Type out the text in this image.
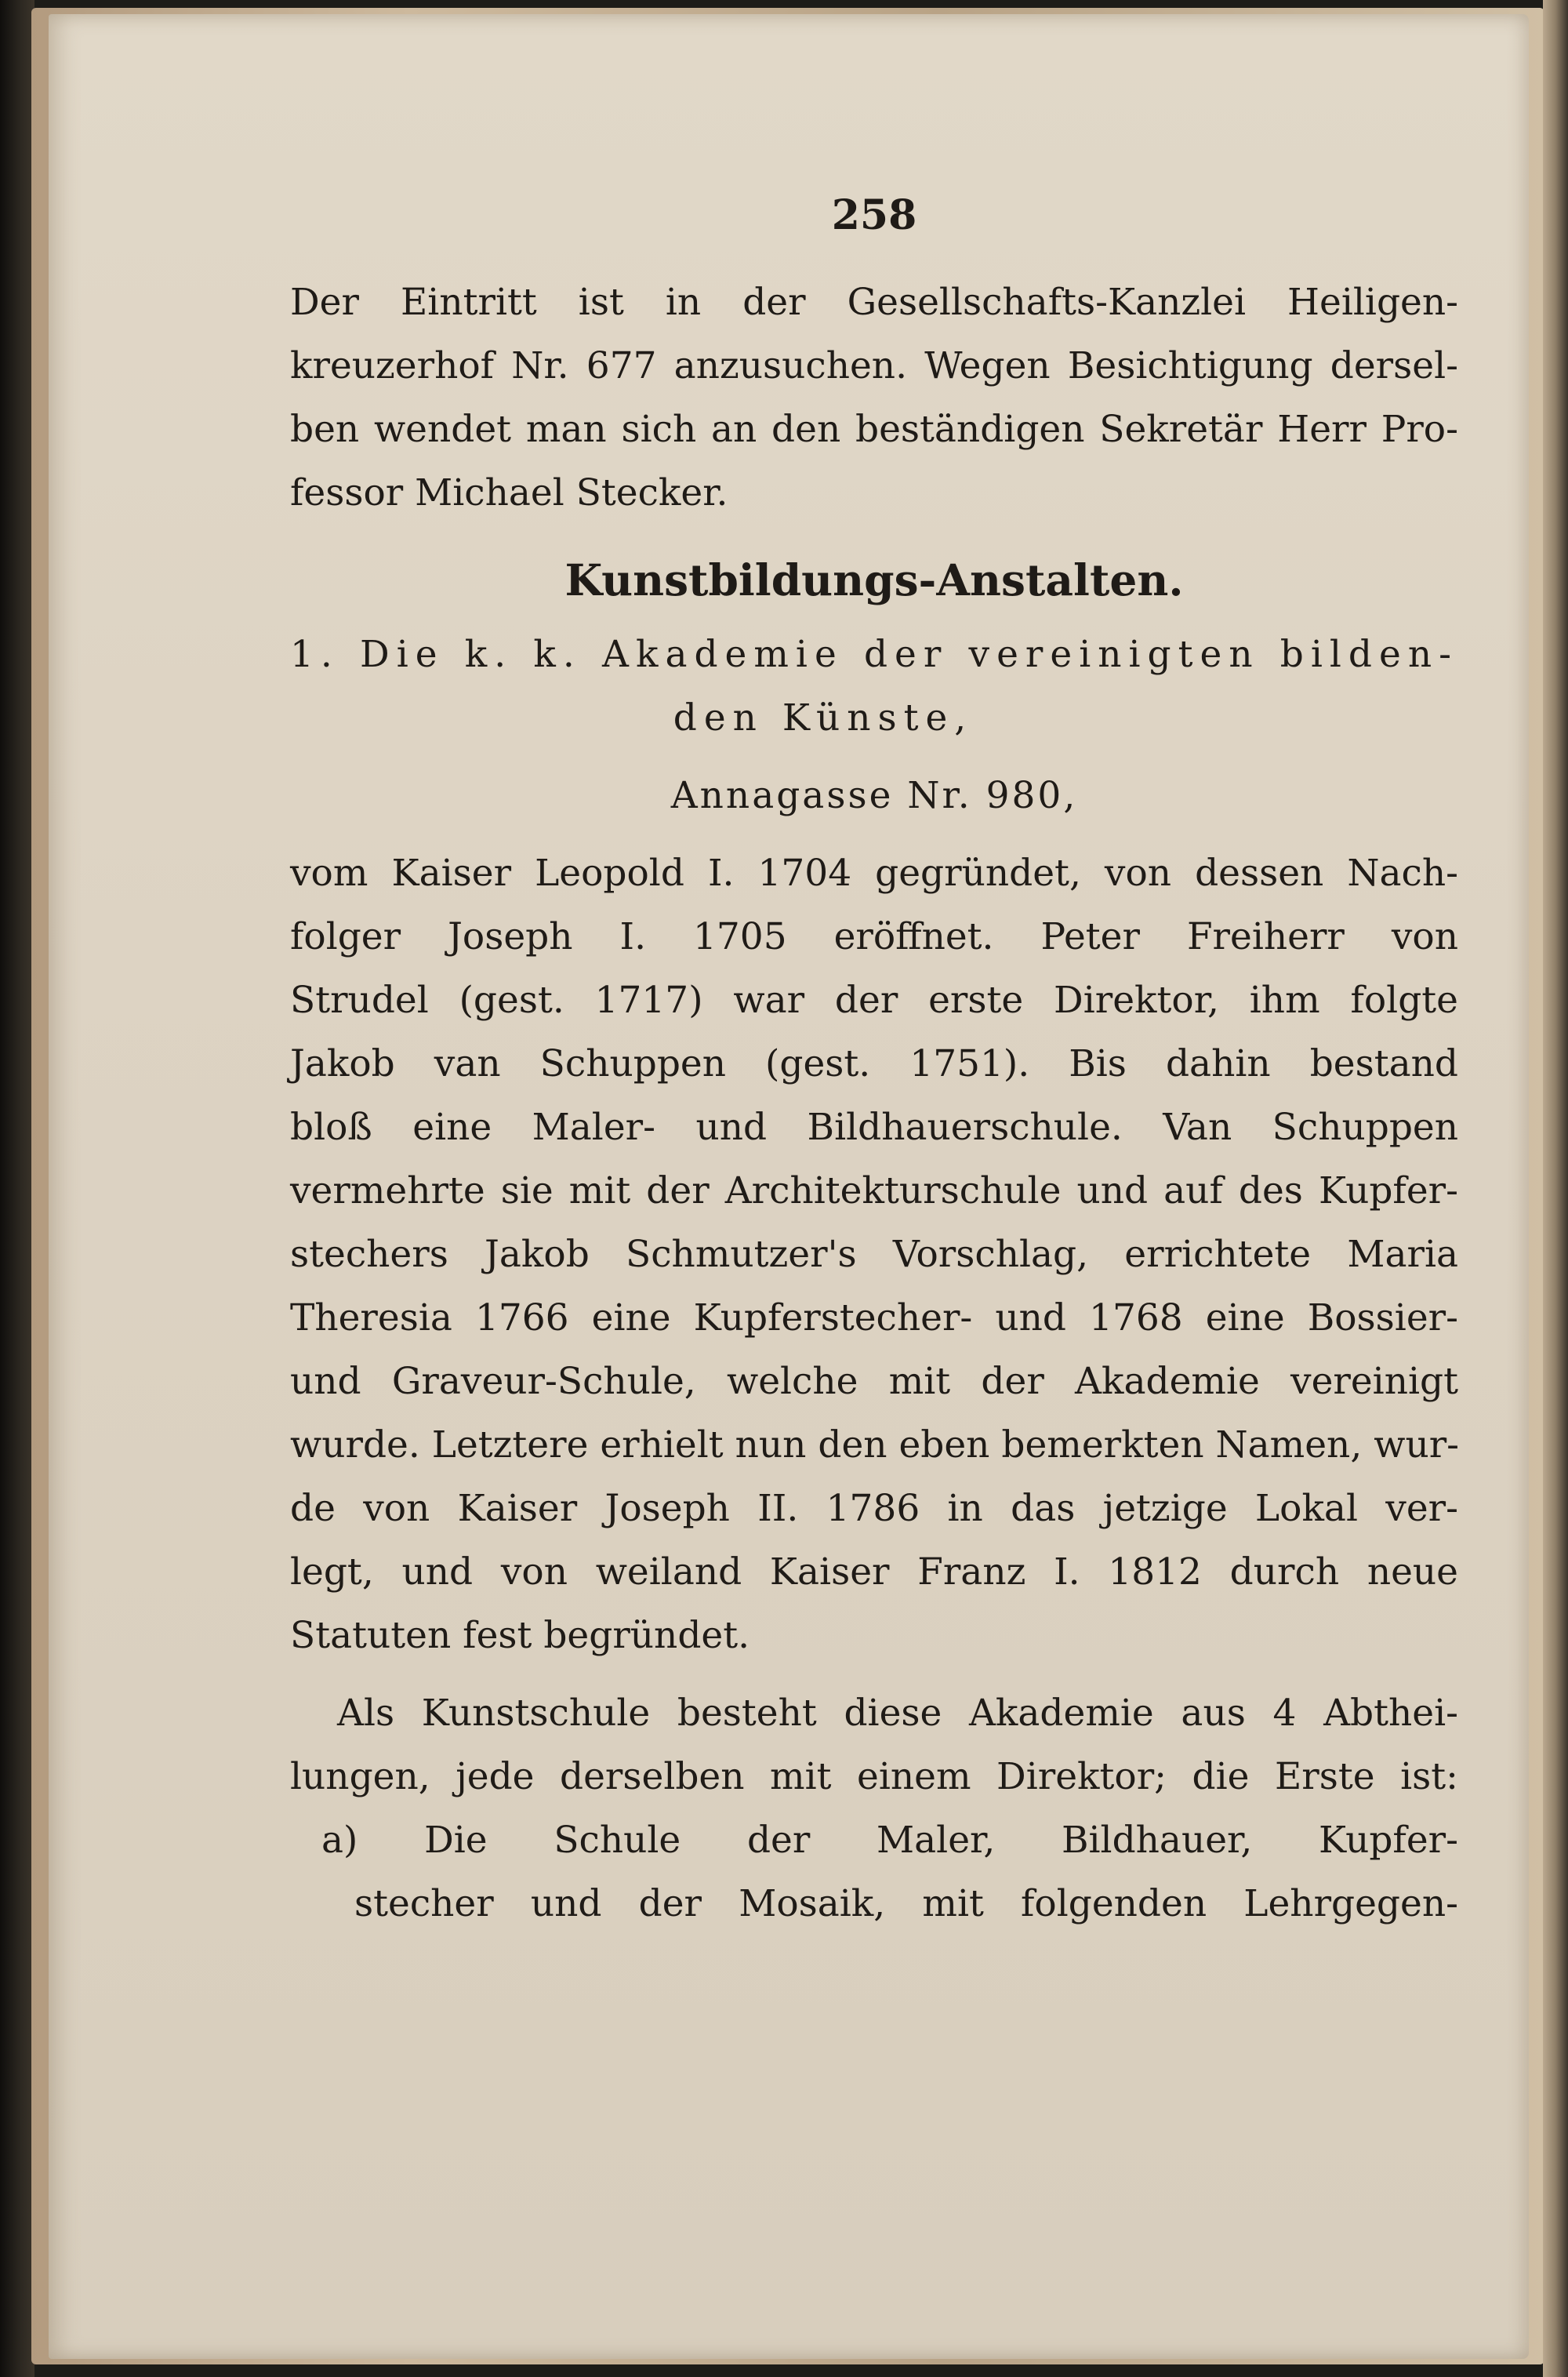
258
Der Eintritt ist in der Gesellschafts-Kanzlei Heiligen-
kreuzerhof Nr. 677 anzusuchen. Wegen Besichtigung dersel-
ben wendet man sich an den beständigen Sekretär Herr Pro-
fessor Michael Stecker.
Kunstbildungs-Anstalten.
1. Die k. k. Akademie der vereinigten bilden-
den Künste,
Annagasse Nr. 980,
vom Kaiser Leopold I. 1704 gegründet, von dessen Nach-
folger Joseph I. 1705 eröffnet. Peter Freiherr von
Strudel (gest. 1717) war der erste Direktor, ihm folgte
Jakob van Schuppen (gest. 1751). Bis dahin bestand
bloß eine Maler- und Bildhauerschule. Van Schuppen
vermehrte sie mit der Architekturschule und auf des Kupfer-
stechers Jakob Schmutzer's Vorschlag, errichtete Maria
Theresia 1766 eine Kupferstecher- und 1768 eine Bossier-
und Graveur-Schule, welche mit der Akademie vereinigt
wurde. Letztere erhielt nun den eben bemerkten Namen, wur-
de von Kaiser Joseph II. 1786 in das jetzige Lokal ver-
legt, und von weiland Kaiser Franz I. 1812 durch neue
Statuten fest begründet.
Als Kunstschule besteht diese Akademie aus 4 Abthei-
lungen, jede derselben mit einem Direktor; die Erste ist:
a) Die Schule der Maler, Bildhauer, Kupfer-
stecher und der Mosaik, mit folgenden Lehrgegen-
